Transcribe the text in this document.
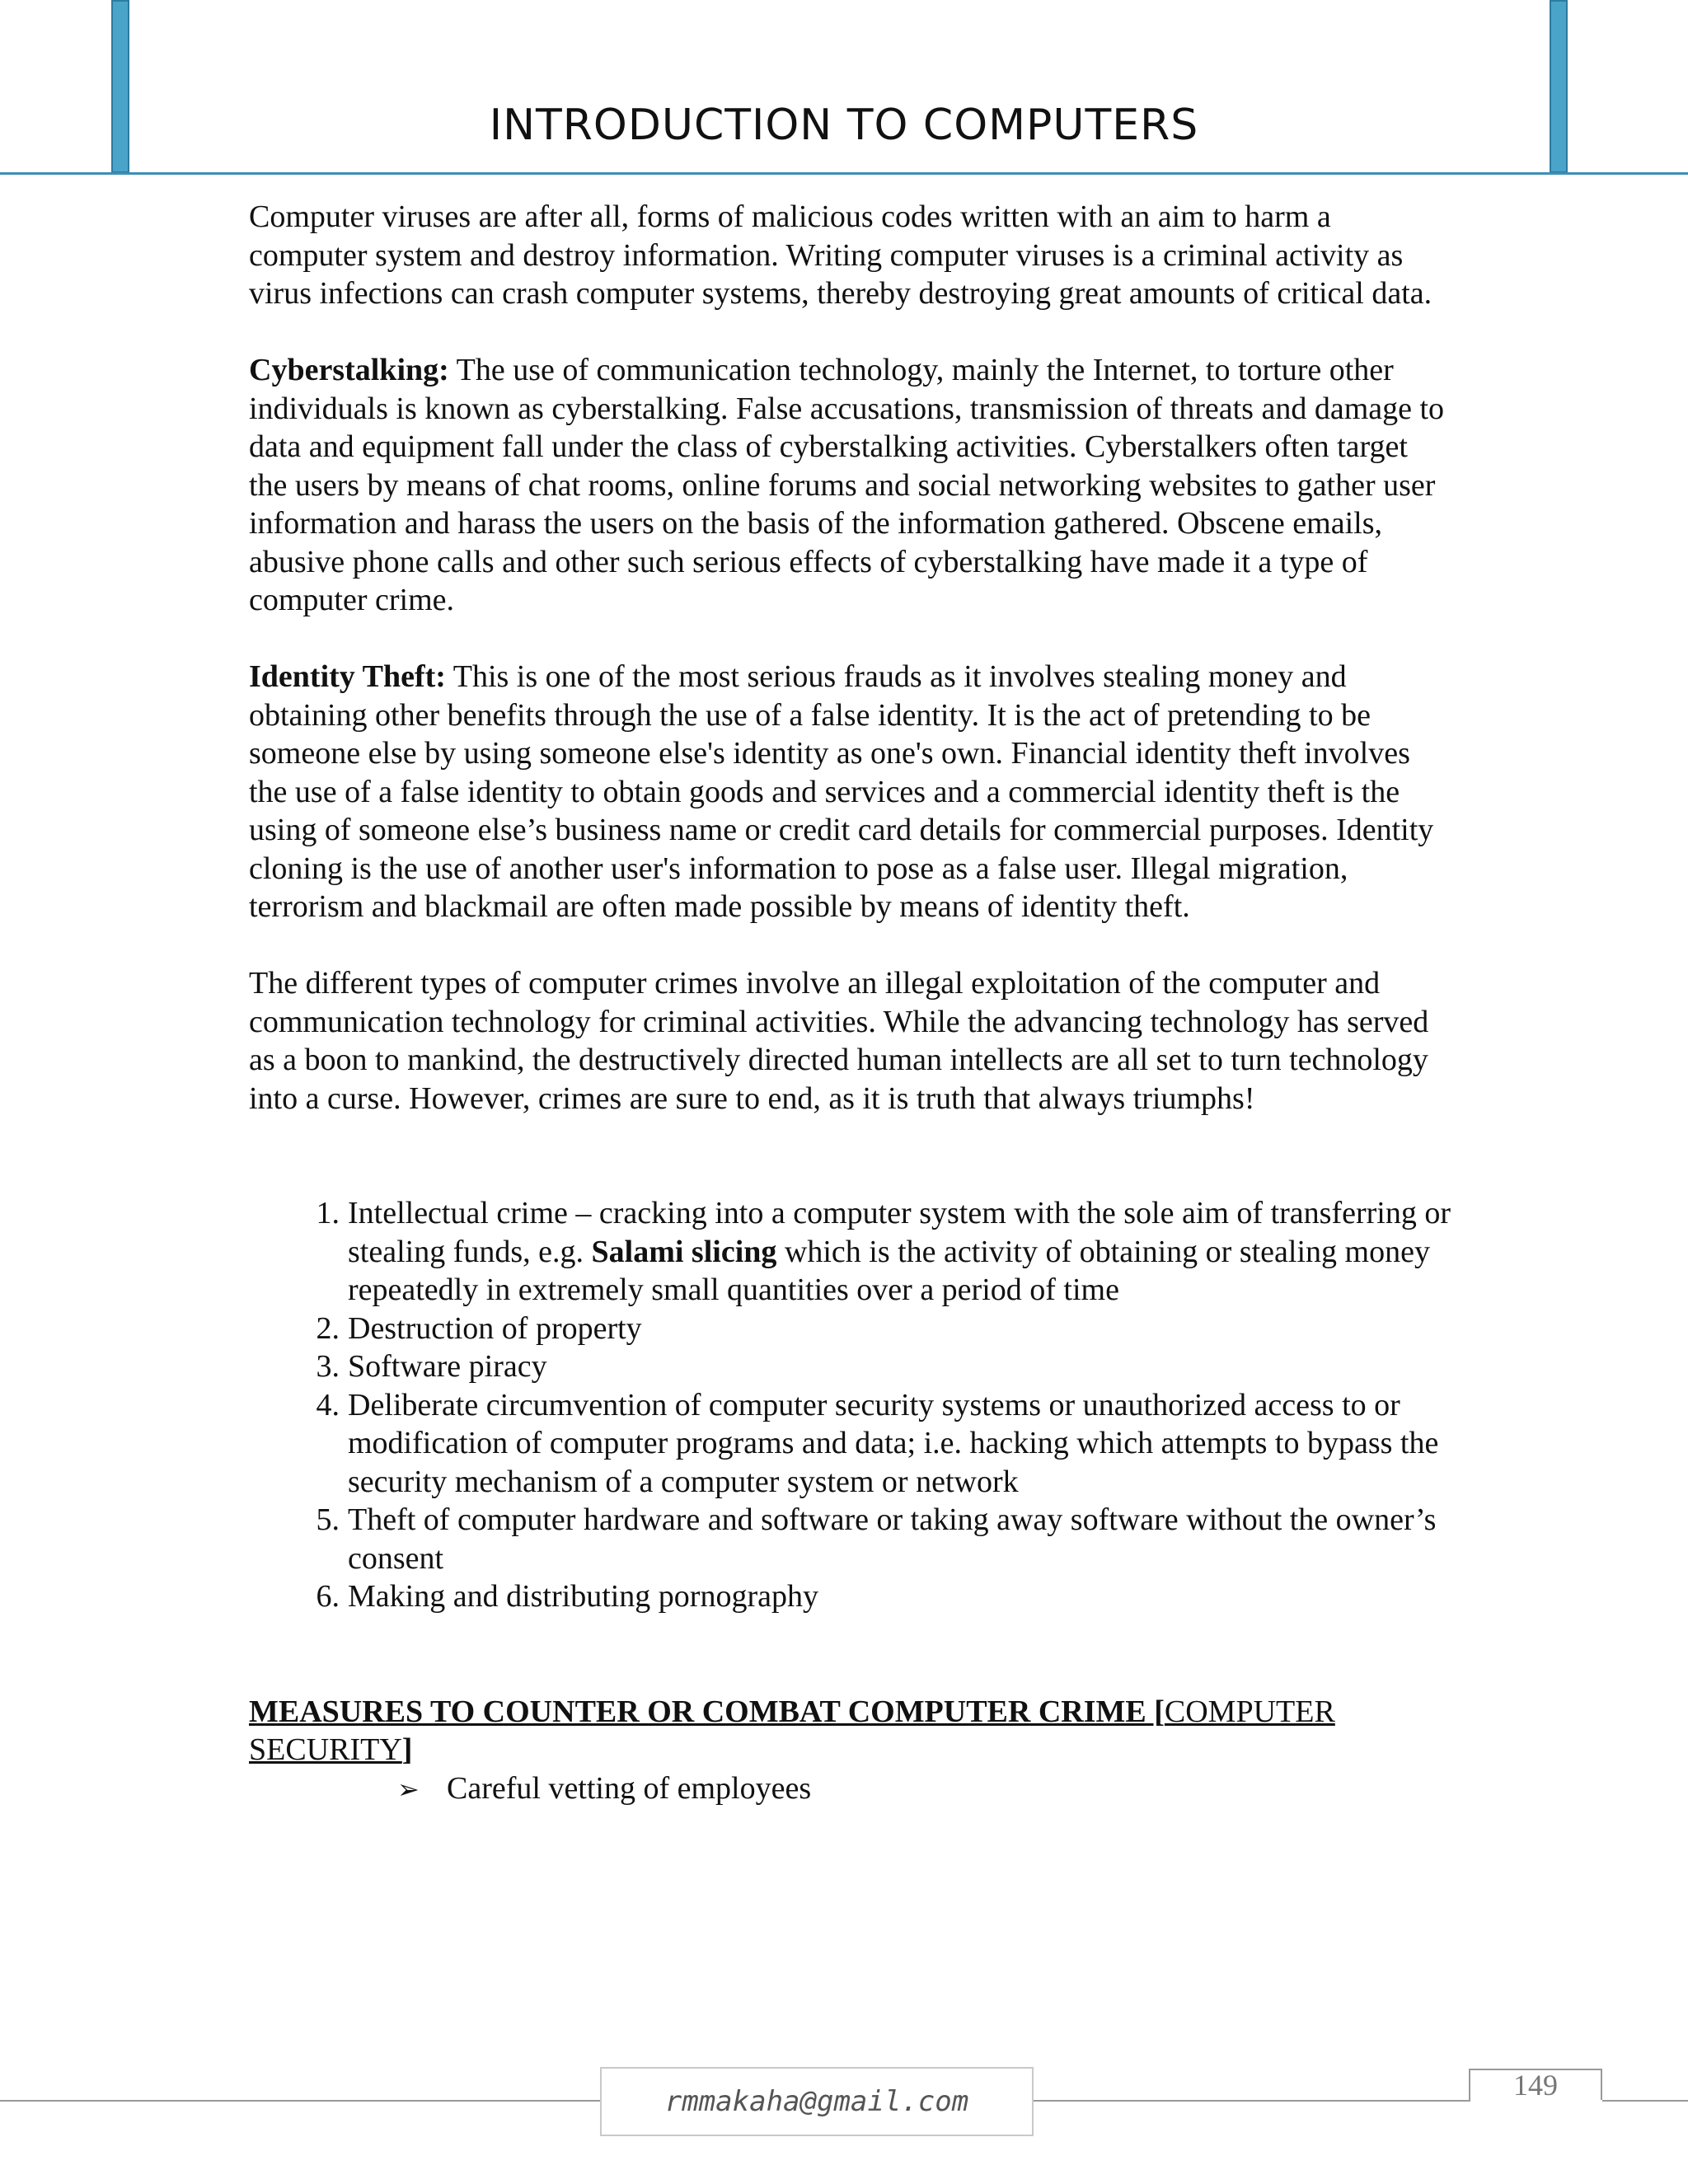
INTRODUCTION TO COMPUTERS

Computer viruses are after all, forms of malicious codes written with an aim to harm a computer system and destroy information. Writing computer viruses is a criminal activity as virus infections can crash computer systems, thereby destroying great amounts of critical data.

Cyberstalking: The use of communication technology, mainly the Internet, to torture other individuals is known as cyberstalking. False accusations, transmission of threats and damage to data and equipment fall under the class of cyberstalking activities. Cyberstalkers often target the users by means of chat rooms, online forums and social networking websites to gather user information and harass the users on the basis of the information gathered. Obscene emails, abusive phone calls and other such serious effects of cyberstalking have made it a type of computer crime.

Identity Theft: This is one of the most serious frauds as it involves stealing money and obtaining other benefits through the use of a false identity. It is the act of pretending to be someone else by using someone else's identity as one's own. Financial identity theft involves the use of a false identity to obtain goods and services and a commercial identity theft is the using of someone else’s business name or credit card details for commercial purposes. Identity cloning is the use of another user's information to pose as a false user. Illegal migration, terrorism and blackmail are often made possible by means of identity theft.

The different types of computer crimes involve an illegal exploitation of the computer and communication technology for criminal activities. While the advancing technology has served as a boon to mankind, the destructively directed human intellects are all set to turn technology into a curse. However, crimes are sure to end, as it is truth that always triumphs!

1. Intellectual crime – cracking into a computer system with the sole aim of transferring or stealing funds, e.g. Salami slicing which is the activity of obtaining or stealing money repeatedly in extremely small quantities over a period of time
2. Destruction of property
3. Software piracy
4. Deliberate circumvention of computer security systems or unauthorized access to or modification of computer programs and data; i.e. hacking which attempts to bypass the security mechanism of a computer system or network
5. Theft of computer hardware and software or taking away software without the owner’s consent
6. Making and distributing pornography
MEASURES TO COUNTER OR COMBAT COMPUTER CRIME [COMPUTER SECURITY]
➢ Careful vetting of employees
rmmakaha@gmail.com	149
